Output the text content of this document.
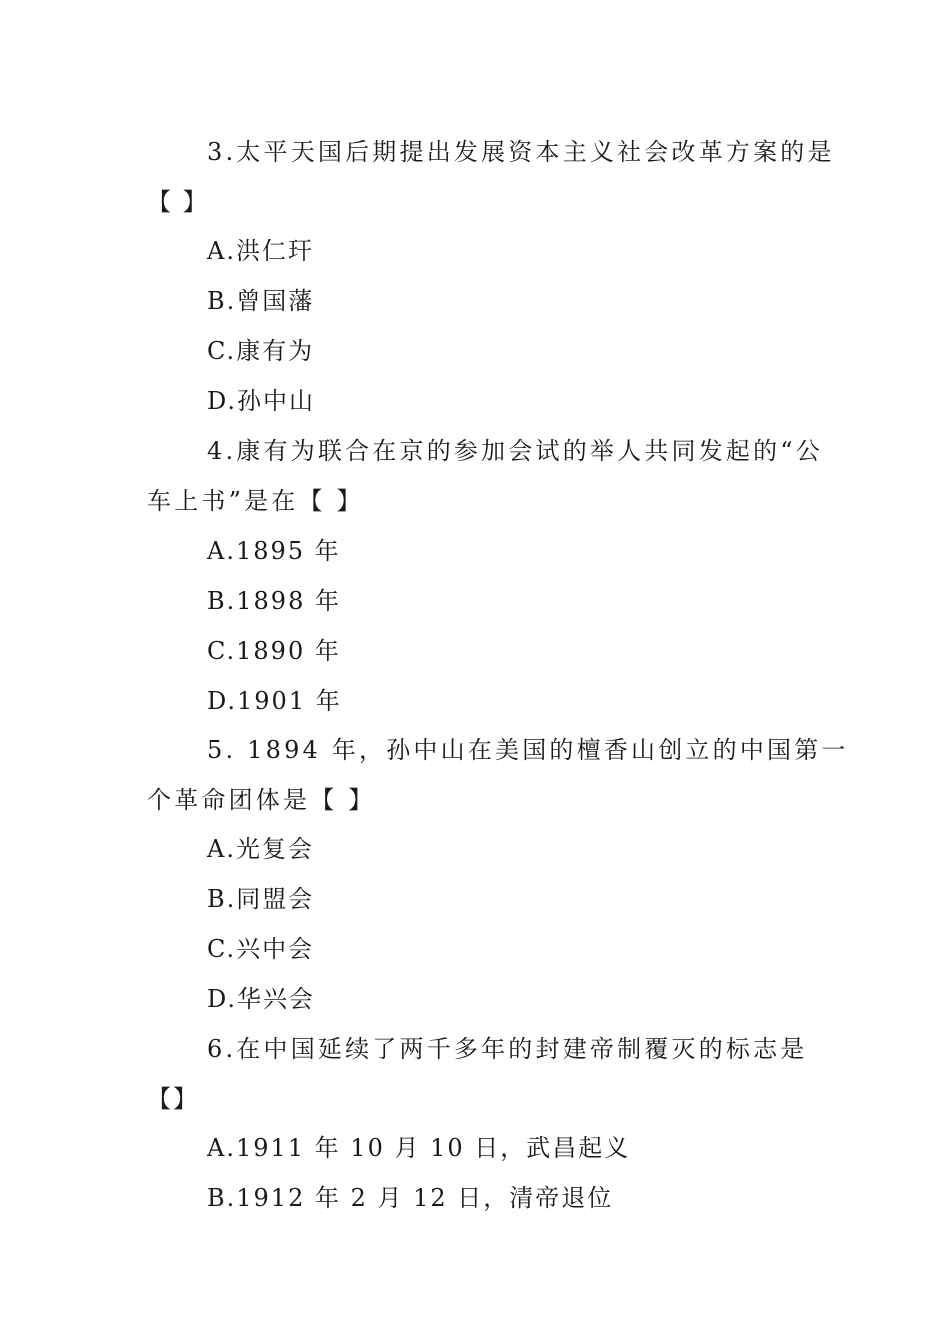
3.太平天国后期提出发展资本主义社会改革方案的是
【 】
A.洪仁玕
B.曾国藩
C.康有为
D.孙中山
4.康有为联合在京的参加会试的举人共同发起的“公
车上书”是在【 】
A.1895 年
B.1898 年
C.1890 年
D.1901 年
5. 1894 年，孙中山在美国的檀香山创立的中国第一
个革命团体是【 】
A.光复会
B.同盟会
C.兴中会
D.华兴会
6.在中国延续了两千多年的封建帝制覆灭的标志是
【】
A.1911 年 10 月 10 日，武昌起义
B.1912 年 2 月 12 日，清帝退位
